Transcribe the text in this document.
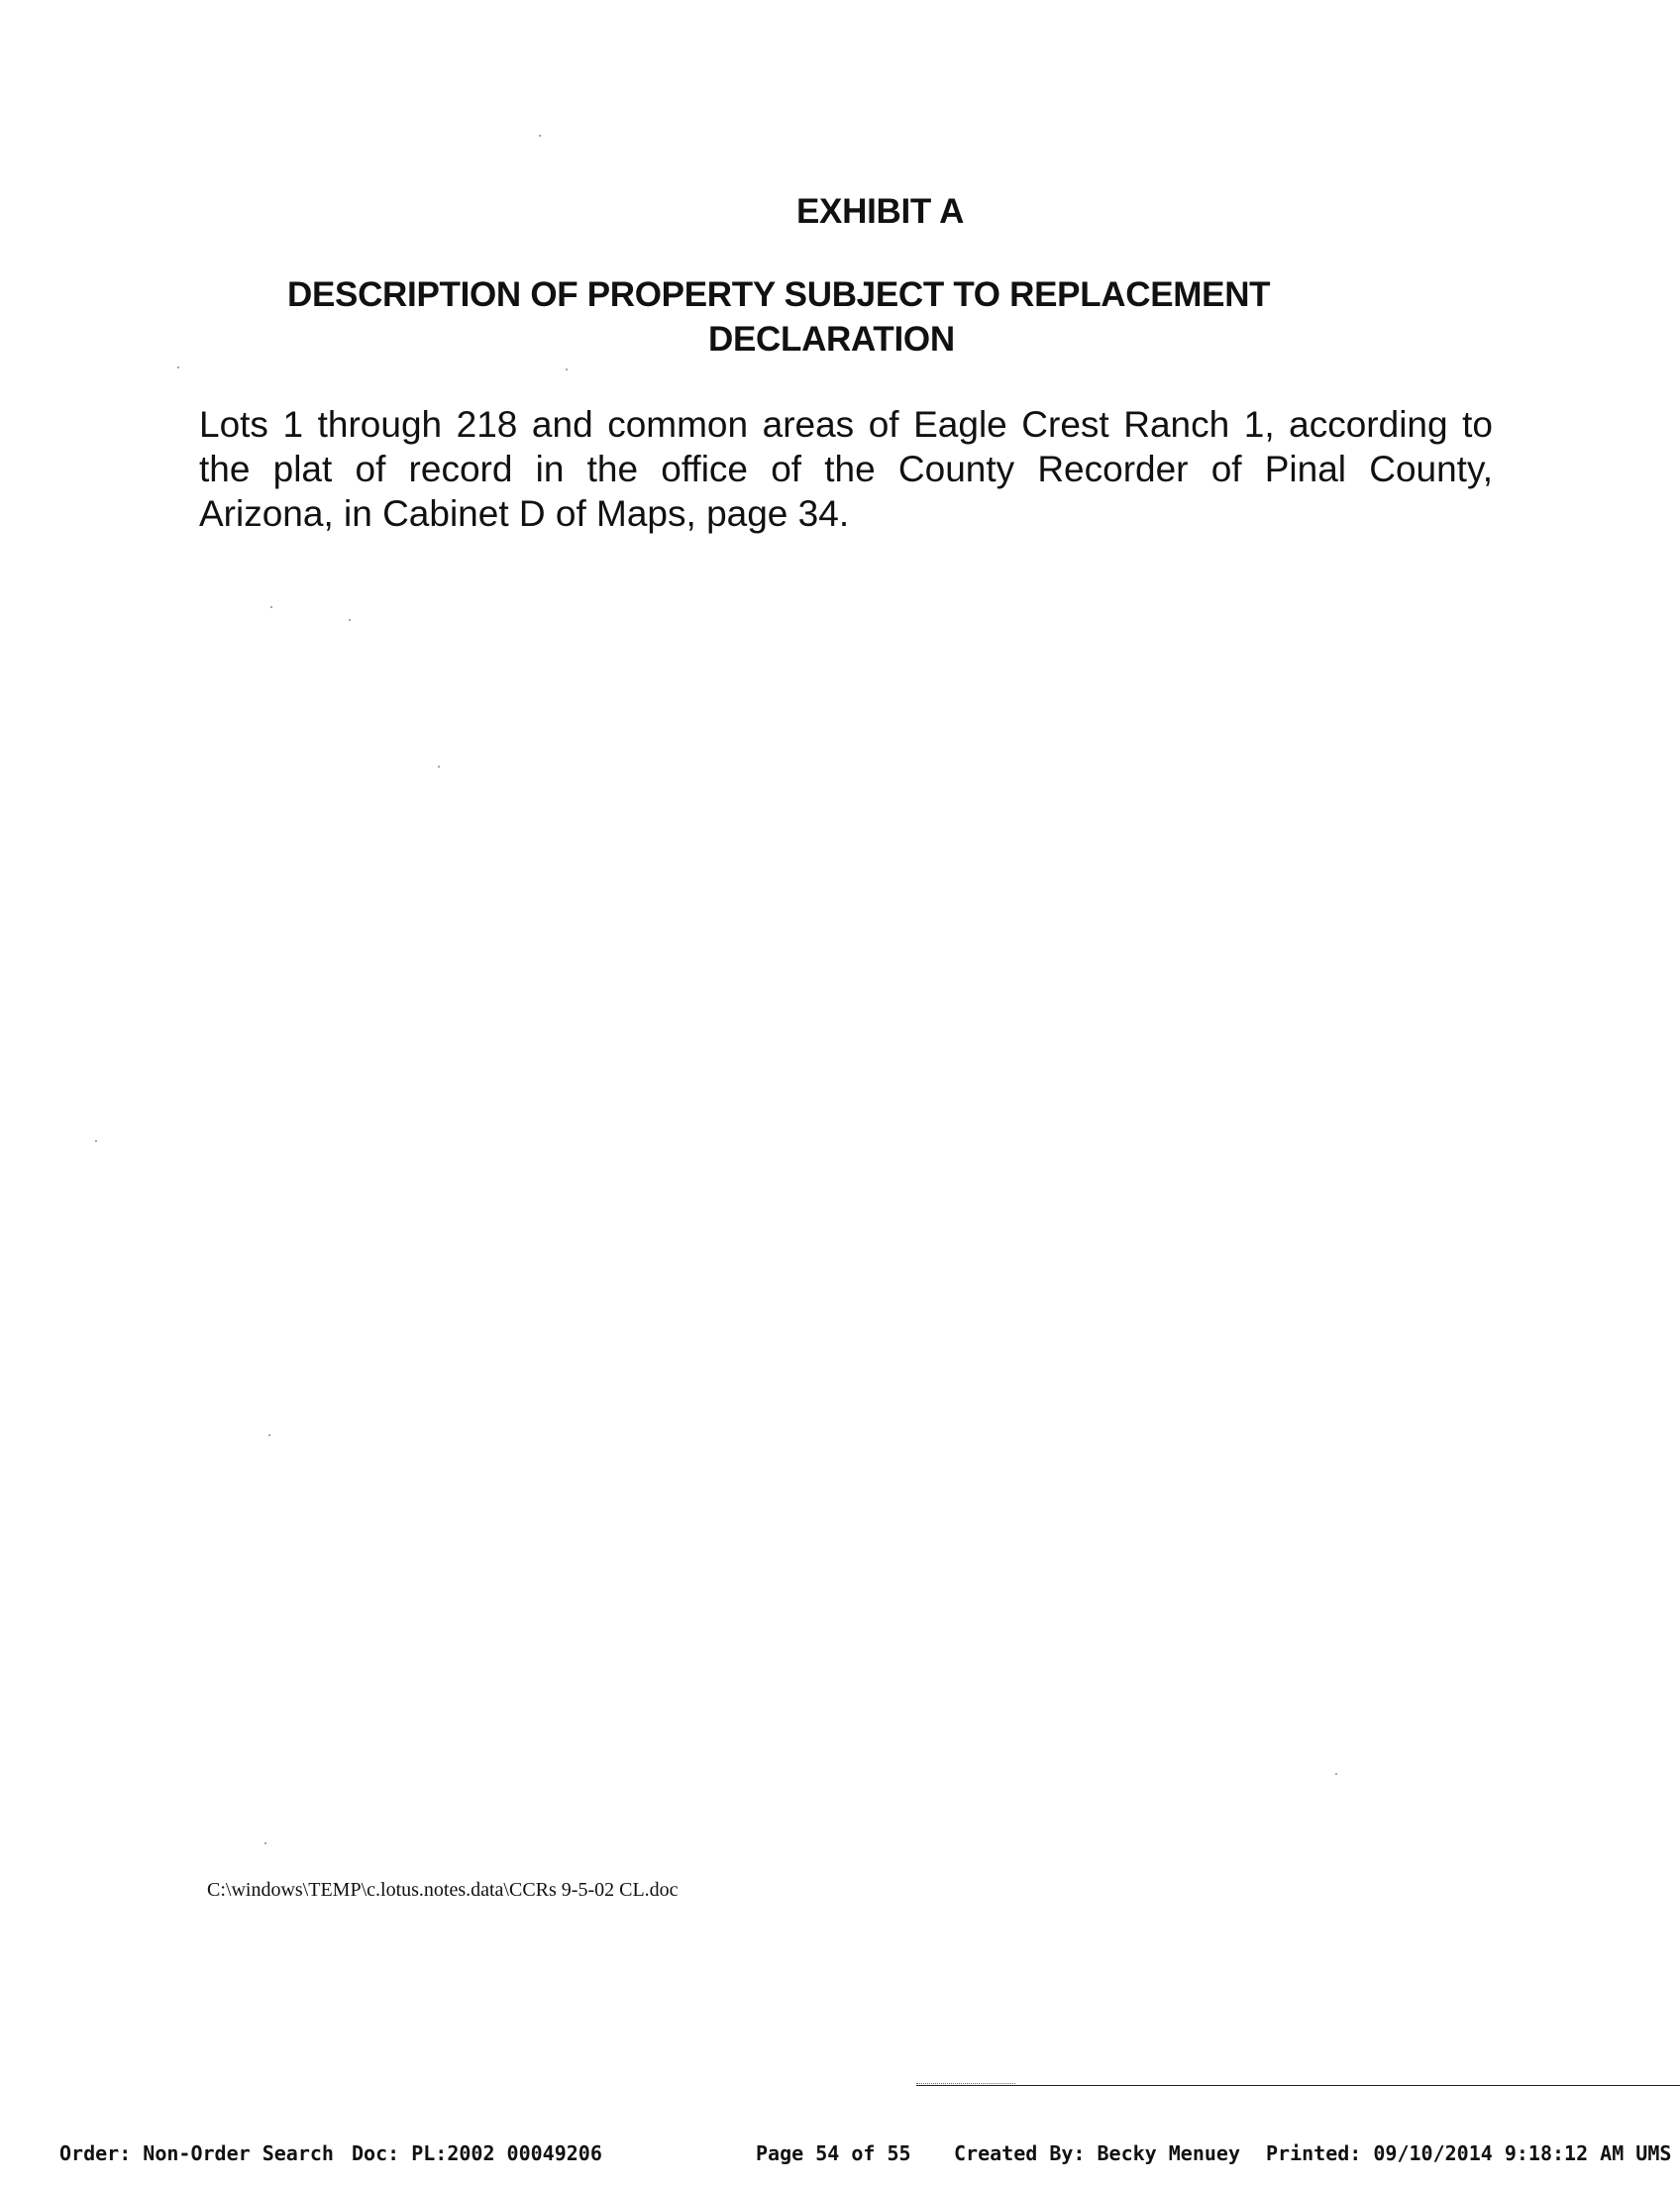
EXHIBIT A
DESCRIPTION OF PROPERTY SUBJECT TO REPLACEMENT
DECLARATION
Lots 1 through 218 and common areas of Eagle Crest Ranch 1, according to
the plat of record in the office of the County Recorder of Pinal County,
Arizona, in Cabinet D of Maps, page 34.
C:\windows\TEMP\c.lotus.notes.data\CCRs 9-5-02 CL.doc
Order: Non-Order Search Doc: PL:2002 00049206	Page 54 of 55 Created By: Becky Menuey Printed: 09/10/2014 9:18:12 AM UMS
